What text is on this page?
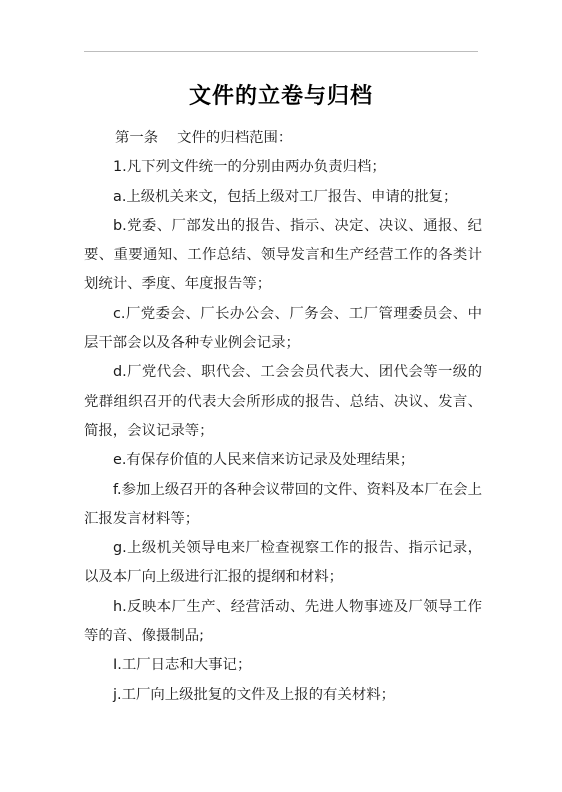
文件的立卷与归档

第一条　 文件的归档范围：

1.凡下列文件统一的分别由两办负责归档；

a.上级机关来文，包括上级对工厂报告、申请的批复；

b.党委、厂部发出的报告、指示、决定、决议、通报、纪要、重要通知、工作总结、领导发言和生产经营工作的各类计划统计、季度、年度报告等；

c.厂党委会、厂长办公会、厂务会、工厂管理委员会、中层干部会以及各种专业例会记录；

d.厂党代会、职代会、工会会员代表大、团代会等一级的党群组织召开的代表大会所形成的报告、总结、决议、发言、简报，会议记录等；

e.有保存价值的人民来信来访记录及处理结果；

f.参加上级召开的各种会议带回的文件、资料及本厂在会上汇报发言材料等；

g.上级机关领导电来厂检查视察工作的报告、指示记录，以及本厂向上级进行汇报的提纲和材料；

h.反映本厂生产、经营活动、先进人物事迹及厂领导工作等的音、像摄制品;

I.工厂日志和大事记；

j.工厂向上级批复的文件及上报的有关材料；
